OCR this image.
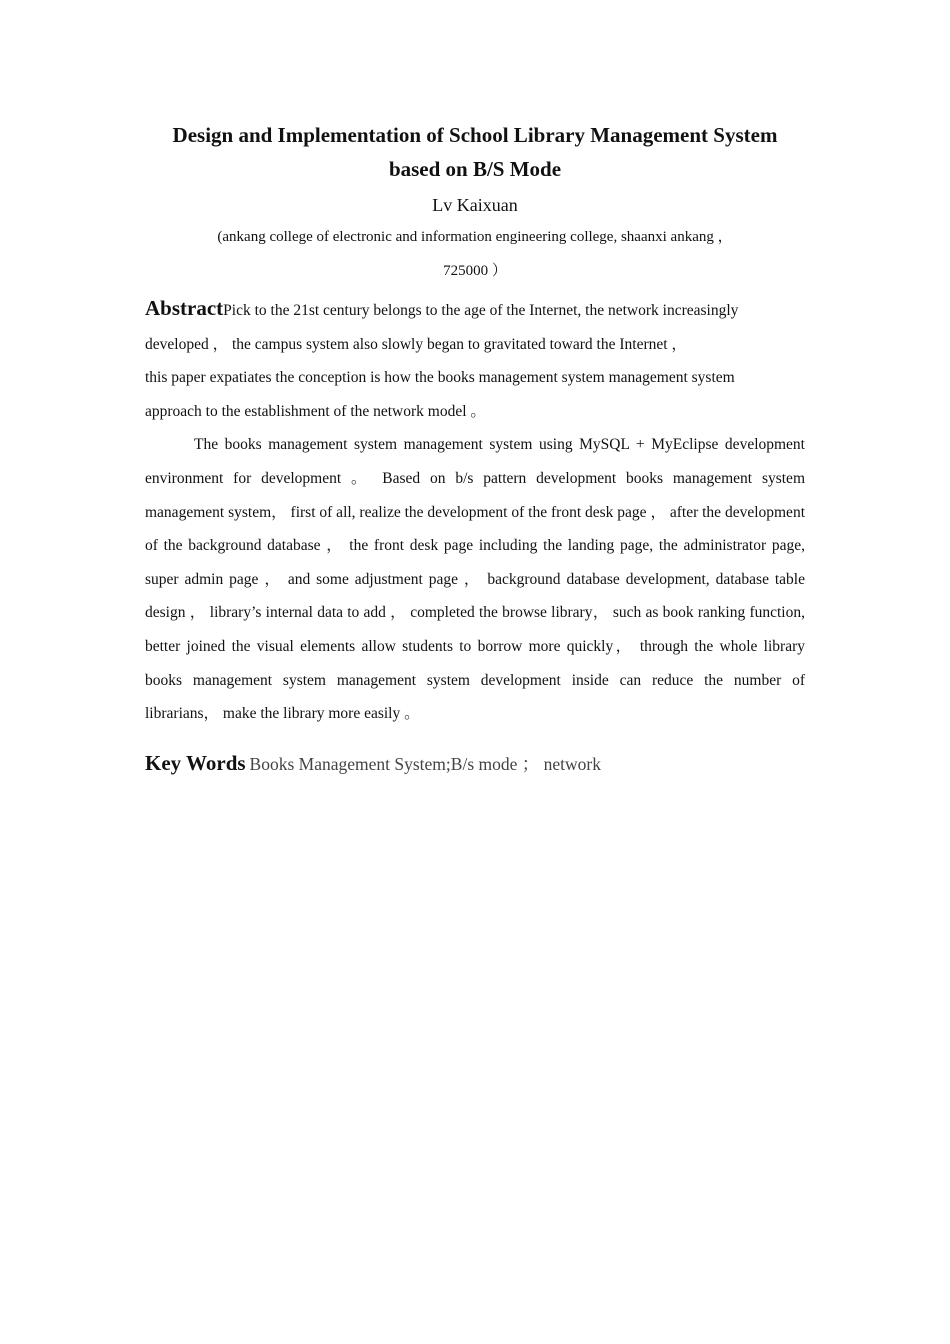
Design and Implementation of School Library Management System
based on B/S Mode
Lv Kaixuan
(ankang college of electronic and information engineering college, shaanxi ankang ，
725000 ）
AbstractPick to the 21st century belongs to the age of the Internet, the network increasingly
developed ， the campus system also slowly began to gravitated toward the Internet ，
this paper expatiates the conception is how the books management system management system
approach to the establishment of the network model 。

The books management system management system using MySQL + MyEclipse development environment for development 。 Based on b/s pattern development books management system management system， first of all, realize the development of the front desk page ， after the development of the background database ， the front desk page including the landing page, the administrator page, super admin page ， and some adjustment page ， background database development, database table design ， library’s internal data to add ， completed the browse library， such as book ranking function, better joined the visual elements allow students to borrow more quickly， through the whole library books management system management system development inside can reduce the number of librarians， make the library more easily 。

Key Words Books Management System;B/s mode ； network
